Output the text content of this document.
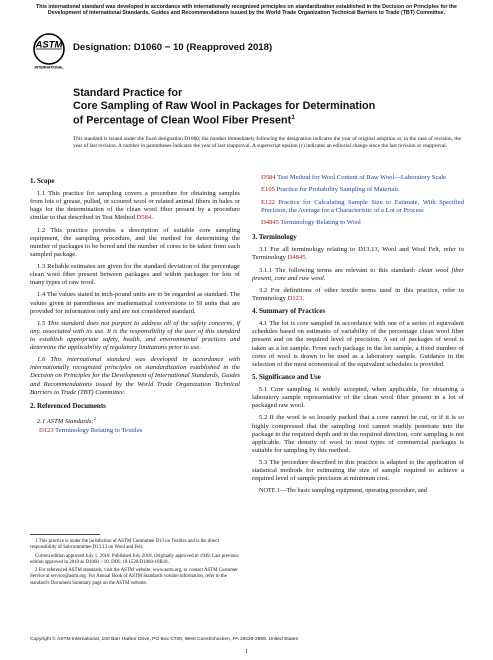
This international standard was developed in accordance with internationally recognized principles on standardization established in the Decision on Principles for the Development of International Standards, Guides and Recommendations issued by the World Trade Organization Technical Barriers to Trade (TBT) Committee.
ASTM
INTERNATIONAL
Designation: D1060 − 10 (Reapproved 2018)
Standard Practice for
Core Sampling of Raw Wool in Packages for Determination
of Percentage of Clean Wool Fiber Present$^1$
This standard is issued under the fixed designation D1060; the number immediately following the designation indicates the year of original adoption or, in the case of revision, the year of last revision. A number in parentheses indicates the year of last reapproval. A superscript epsilon (ε) indicates an editorial change since the last revision or reapproval.
1. Scope

1.1 This practice for sampling covers a procedure for obtaining samples from lots of grease, pulled, or scoured wool or related animal fibers in bales or bags for the determination of the clean wool fiber present by a procedure similar to that described in Test Method D584.

1.2 This practice provides a description of suitable core sampling equipment, the sampling procedure, and the method for determining the number of packages to be bored and the number of cores to be taken from each sampled package.

1.3 Reliable estimates are given for the standard deviation of the percentage clean wool fiber present between packages and within packages for lots of many types of raw wool.

1.4 The values stated in inch-pound units are to be regarded as standard. The values given in parentheses are mathematical conversions to SI units that are provided for information only and are not considered standard.

1.5 This standard does not purport to address all of the safety concerns, if any, associated with its use. It is the responsibility of the user of this standard to establish appropriate safety, health, and environmental practices and determine the applicability of regulatory limitations prior to use.

1.6 This international standard was developed in accordance with internationally recognized principles on standardization established in the Decision on Principles for the Development of International Standards, Guides and Recommendations issued by the World Trade Organization Technical Barriers to Trade (TBT) Committee.

2. Referenced Documents

2.1 ASTM Standards:$^2$

D123 Terminology Relating to Textiles

1 This practice is under the jurisdiction of ASTM Committee D13 on Textiles and is the direct responsibility of Subcommittee D13.13 on Wool and Felt.

Current edition approved July 1, 2018. Published July 2018. Originally approved in 1949. Last previous edition approved in 2010 as D1060 – 10. DOI: 10.1520/D1060-10R18.

2 For referenced ASTM standards, visit the ASTM website, www.astm.org, or contact ASTM Customer Service at service@astm.org. For Annual Book of ASTM Standards volume information, refer to the standard's Document Summary page on the ASTM website.

D584 Test Method for Wool Content of Raw Wool—Laboratory Scale

E105 Practice for Probability Sampling of Materials

E122 Practice for Calculating Sample Size to Estimate, With Specified Precision, the Average for a Characteristic of a Lot or Process

D4845 Terminology Relating to Wool

3. Terminology

3.1 For all terminology relating to D13.13, Wool and Wool Felt, refer to Terminology D4845.

3.1.1 The following terms are relevant to this standard: clean wool fiber present, core and raw wool.

3.2 For definitions of other textile terms used in this practice, refer to Terminology D123.

4. Summary of Practices

4.1 The lot is core sampled in accordance with one of a series of equivalent schedules based on estimates of variability of the percentage clean wool fiber present and on the required level of precision. A set of packages of wool is taken as a lot sample. From each package in the lot sample, a fixed number of cores of wool is drawn to be used as a laboratory sample. Guidance in the selection of the most economical of the equivalent schedules is provided.

5. Significance and Use

5.1 Core sampling is widely accepted, when applicable, for obtaining a laboratory sample representative of the clean wool fiber present in a lot of packaged raw wool.

5.2 If the wool is so loosely packed that a core cannot be cut, or if it is so highly compressed that the sampling tool cannot readily penetrate into the package to the required depth and in the required direction, core sampling is not applicable. The density of wool in most types of commercial packages is suitable for sampling by this method.

5.3 The procedure described in this practice is adapted to the application of statistical methods for estimating the size of sample required to achieve a required level of sample precision at minimum cost.

NOTE 1—The basic sampling equipment, operating procedure, and

Copyright © ASTM International, 100 Barr Harbor Drive, PO Box C700, West Conshohocken, PA 19428-2959. United States
1
